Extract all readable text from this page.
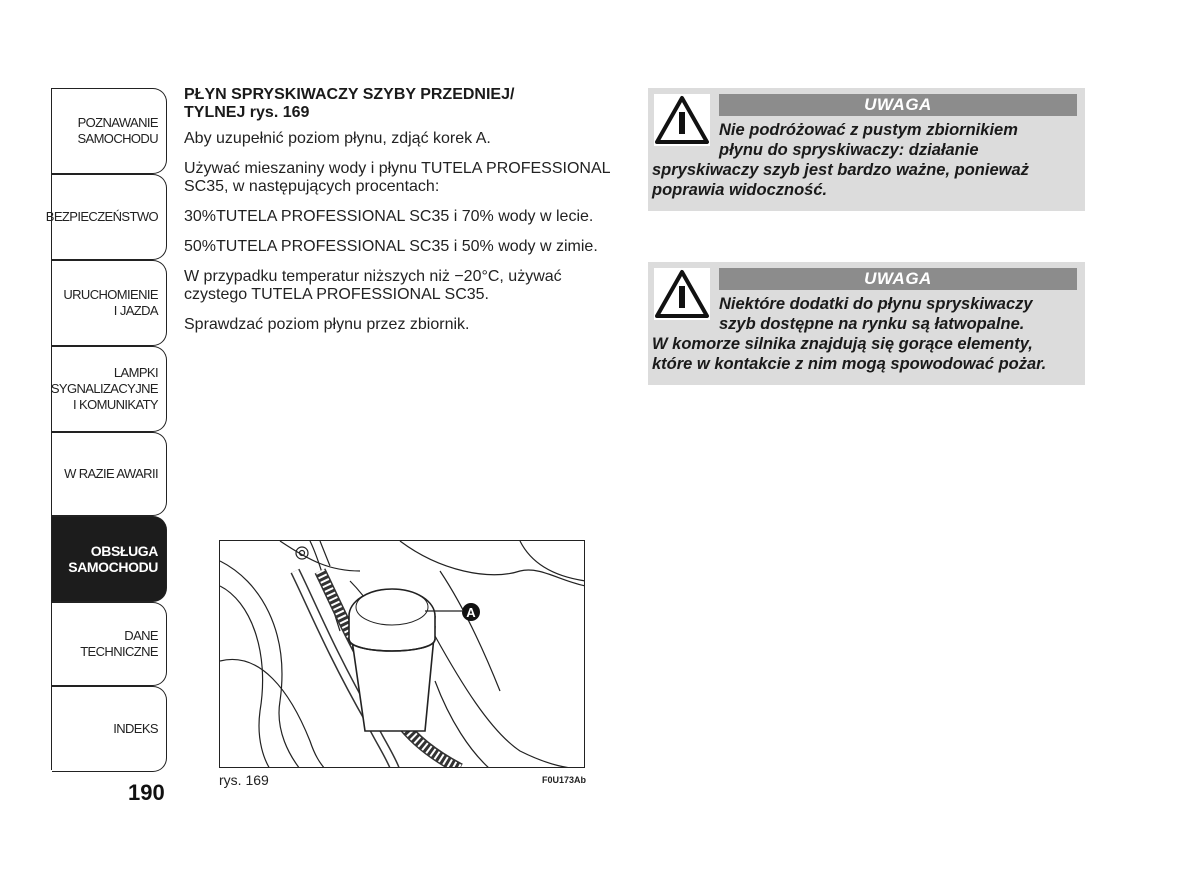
POZNAWANIE
SAMOCHODU
BEZPIECZEŃSTWO
URUCHOMIENIE
I JAZDA
LAMPKI
SYGNALIZACYJNE
I KOMUNIKATY
W RAZIE AWARII
OBSŁUGA
SAMOCHODU
DANE
TECHNICZNE
INDEKS
190
PŁYN SPRYSKIWACZY SZYBY PRZEDNIEJ/
TYLNEJ rys. 169

Aby uzupełnić poziom płynu, zdjąć korek A.

Używać mieszaniny wody i płynu TUTELA PROFESSIONAL SC35, w następujących procentach:

30%TUTELA PROFESSIONAL SC35 i 70% wody w lecie.

50%TUTELA PROFESSIONAL SC35 i 50% wody w zimie.

W przypadku temperatur niższych niż −20°C, używać czystego TUTELA PROFESSIONAL SC35.

Sprawdzać poziom płynu przez zbiornik.

UWAGA
Nie podróżować z pustym zbiornikiem
płynu do spryskiwaczy: działanie
spryskiwaczy szyb jest bardzo ważne, ponieważ
poprawia widoczność.
UWAGA
Niektóre dodatki do płynu spryskiwaczy
szyb dostępne na rynku są łatwopalne.
W komorze silnika znajdują się gorące elementy,
które w kontakcie z nim mogą spowodować pożar.
A
rys. 169	F0U173Ab
